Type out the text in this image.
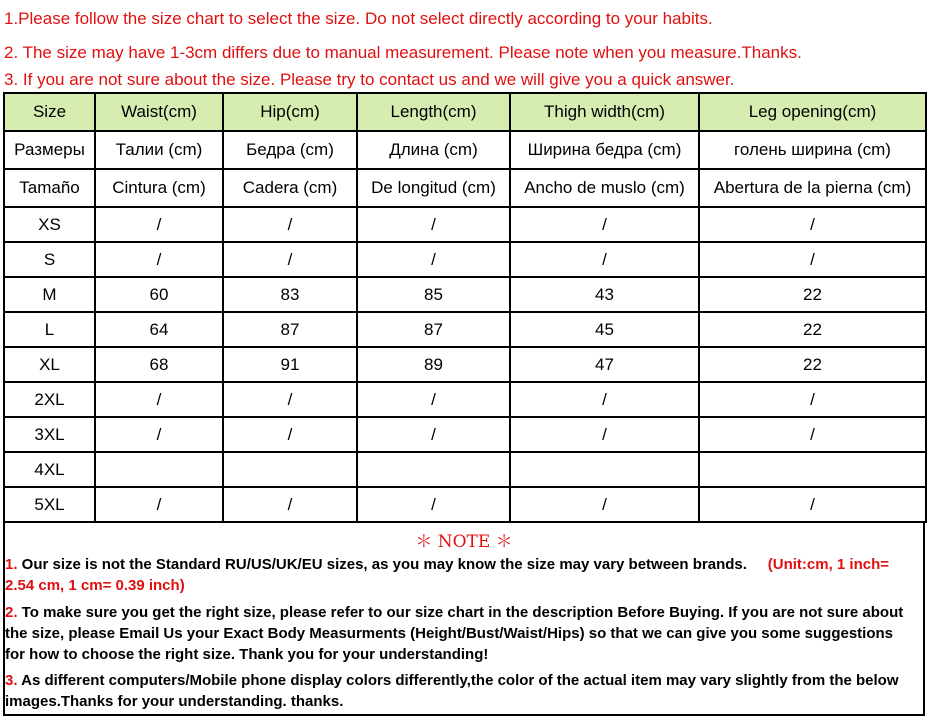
1.Please follow the size chart to select the size. Do not select directly according to your habits.
2. The size may have 1-3cm differs due to manual measurement. Please note when you measure.Thanks.
3. If you are not sure about the size. Please try to contact us and we will give you a quick answer.
Size	Waist(cm)	Hip(cm)	Length(cm)	Thigh width(cm)	Leg opening(cm)
Размеры	Талии (cm)	Бедра (cm)	Длина (cm)	Ширина бедра (cm)	голень ширина (cm)
Tamaño	Cintura (cm)	Cadera (cm)	De longitud (cm)	Ancho de muslo (cm)	Abertura de la pierna (cm)
XS	/	/	/	/	/
S	/	/	/	/	/
M	60	83	85	43	22
L	64	87	87	45	22
XL	68	91	89	47	22
2XL	/	/	/	/	/
3XL	/	/	/	/	/
4XL					
5XL	/	/	/	/	/
＊ NOTE ＊
1. Our size is not the Standard RU/US/UK/EU sizes, as you may know the size may vary between brands. (Unit:cm, 1 inch= 2.54 cm, 1 cm= 0.39 inch)
2. To make sure you get the right size, please refer to our size chart in the description Before Buying. If you are not sure about the size, please Email Us your Exact Body Measurments (Height/Bust/Waist/Hips) so that we can give you some suggestions for how to choose the right size. Thank you for your understanding!
3. As different computers/Mobile phone display colors differently,the color of the actual item may vary slightly from the below images.Thanks for your understanding. thanks.
